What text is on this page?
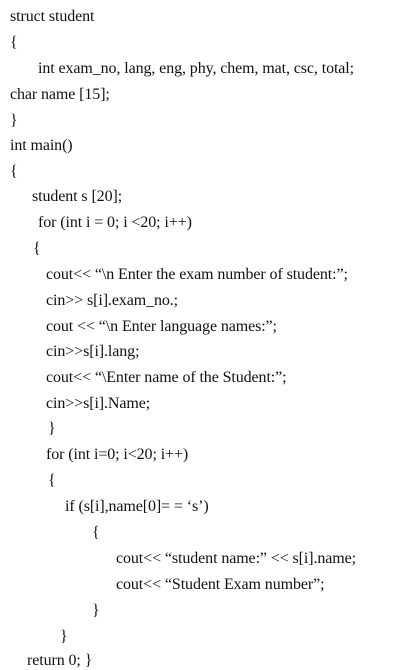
struct student
{
int exam_no, lang, eng, phy, chem, mat, csc, total;
char name [15];
}
int main()
{
student s [20];
for (int i = 0; i <20; i++)
{
cout<< “\n Enter the exam number of student:”;
cin>> s[i].exam_no.;
cout << “\n Enter language names:”;
cin>>s[i].lang;
cout<< “\Enter name of the Student:”;
cin>>s[i].Name;
}
for (int i=0; i<20; i++)
{
if (s[i],name[0]= = ‘s’)
{
cout<< “student name:” << s[i].name;
cout<< “Student Exam number”;
}
}
return 0; }
